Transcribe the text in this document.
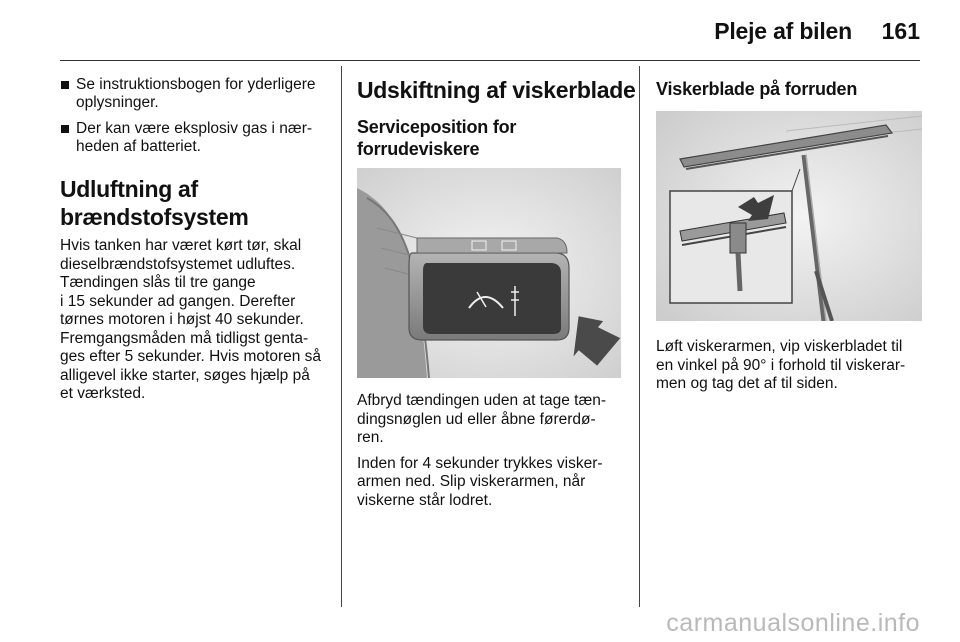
Pleje af bilen 161
Se instruktionsbogen for yderligere
oplysninger.
Der kan være eksplosiv gas i nær-
heden af batteriet.
Udluftning af
brændstofsystem

Hvis tanken har været kørt tør, skal
dieselbrændstofsystemet udluftes.
Tændingen slås til tre gange
i 15 sekunder ad gangen. Derefter
tørnes motoren i højst 40 sekunder.
Fremgangsmåden må tidligst genta-
ges efter 5 sekunder. Hvis motoren så
alligevel ikke starter, søges hjælp på
et værksted.

Udskiftning af viskerblade
Serviceposition for
forrudeviskere

Afbryd tændingen uden at tage tæn-
dingsnøglen ud eller åbne førerdø-
ren.

Inden for 4 sekunder trykkes visker-
armen ned. Slip viskerarmen, når
viskerne står lodret.

Viskerblade på forruden

Løft viskerarmen, vip viskerbladet til
en vinkel på 90° i forhold til viskerar-
men og tag det af til siden.

carmanualsonline.info
